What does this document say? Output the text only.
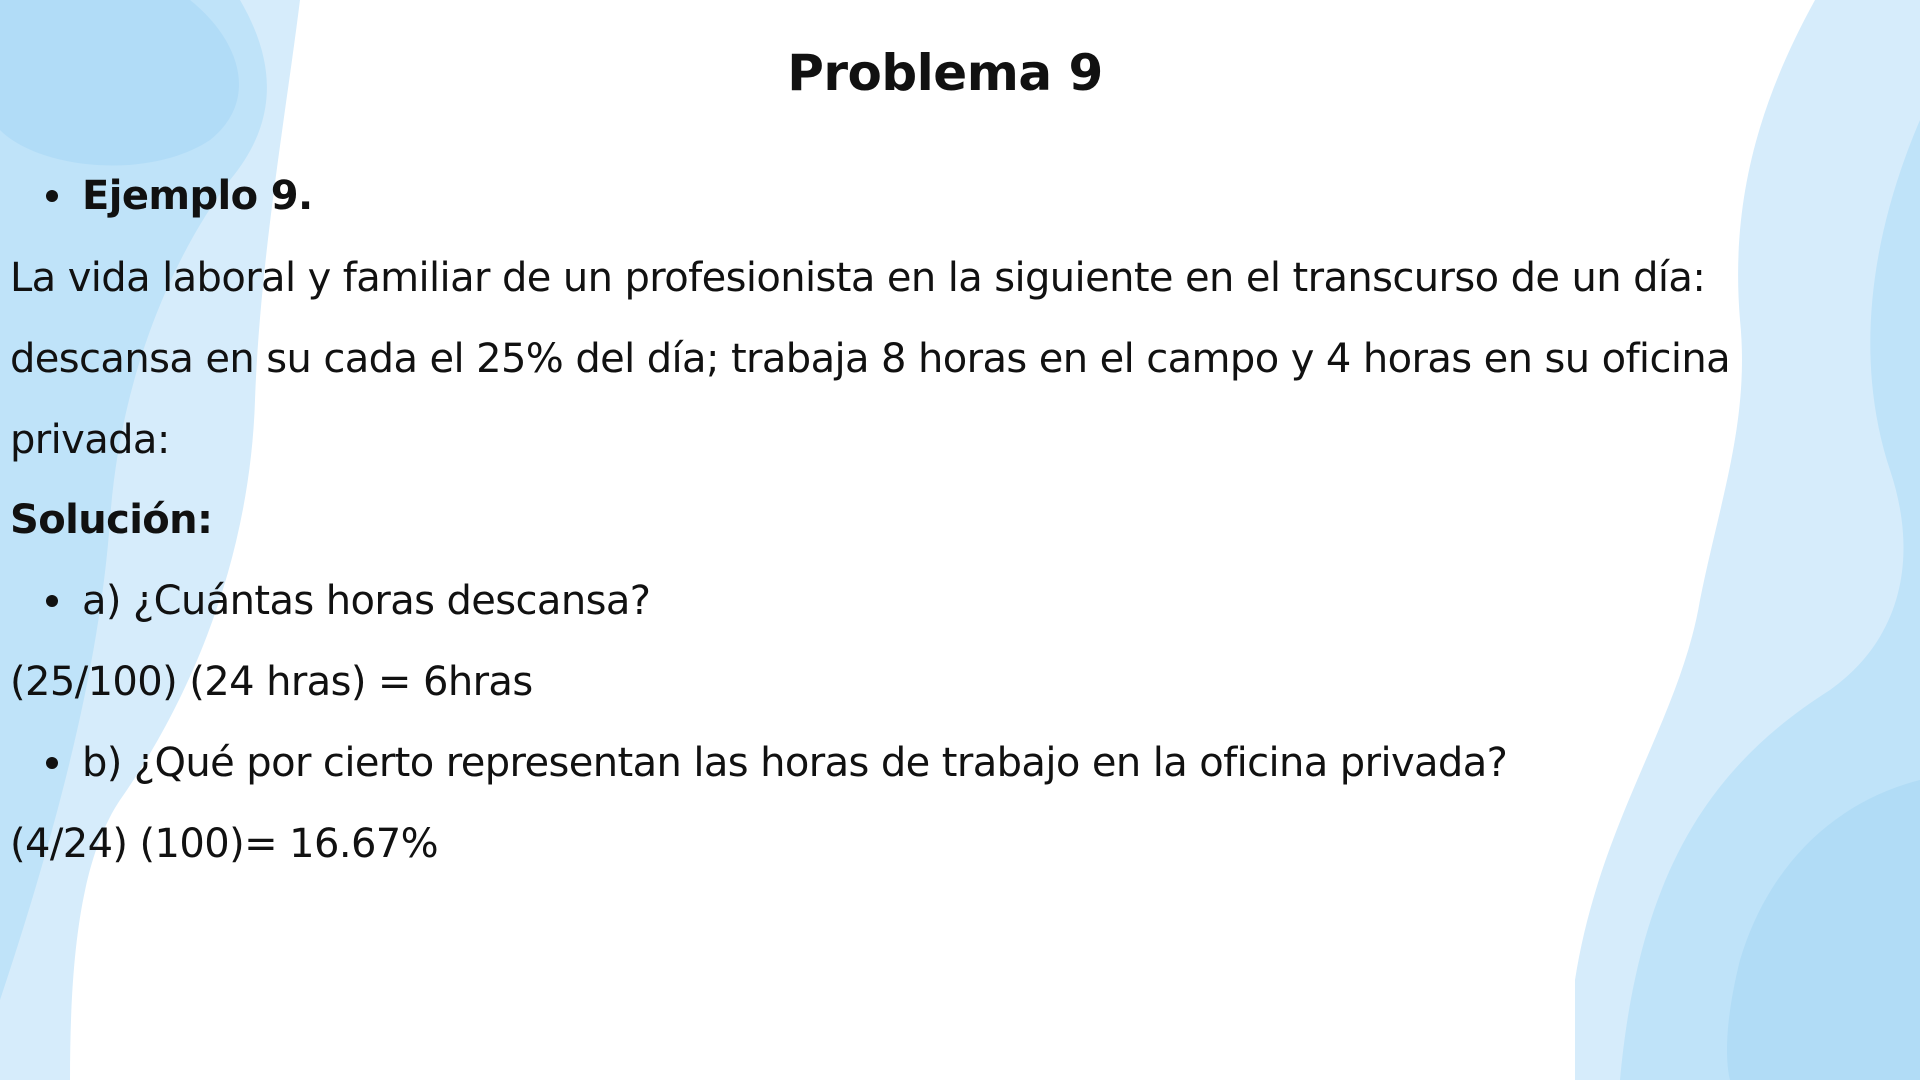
Problema 9
Ejemplo 9.

La vida laboral y familiar de un profesionista en la siguiente en el transcurso de un día:

descansa en su cada el 25% del día; trabaja 8 horas en el campo y 4 horas en su oficina

privada:

Solución:

a) ¿Cuántas horas descansa?

(25/100) (24 hras) = 6hras

b) ¿Qué por cierto representan las horas de trabajo en la oficina privada?

(4/24) (100)= 16.67%
